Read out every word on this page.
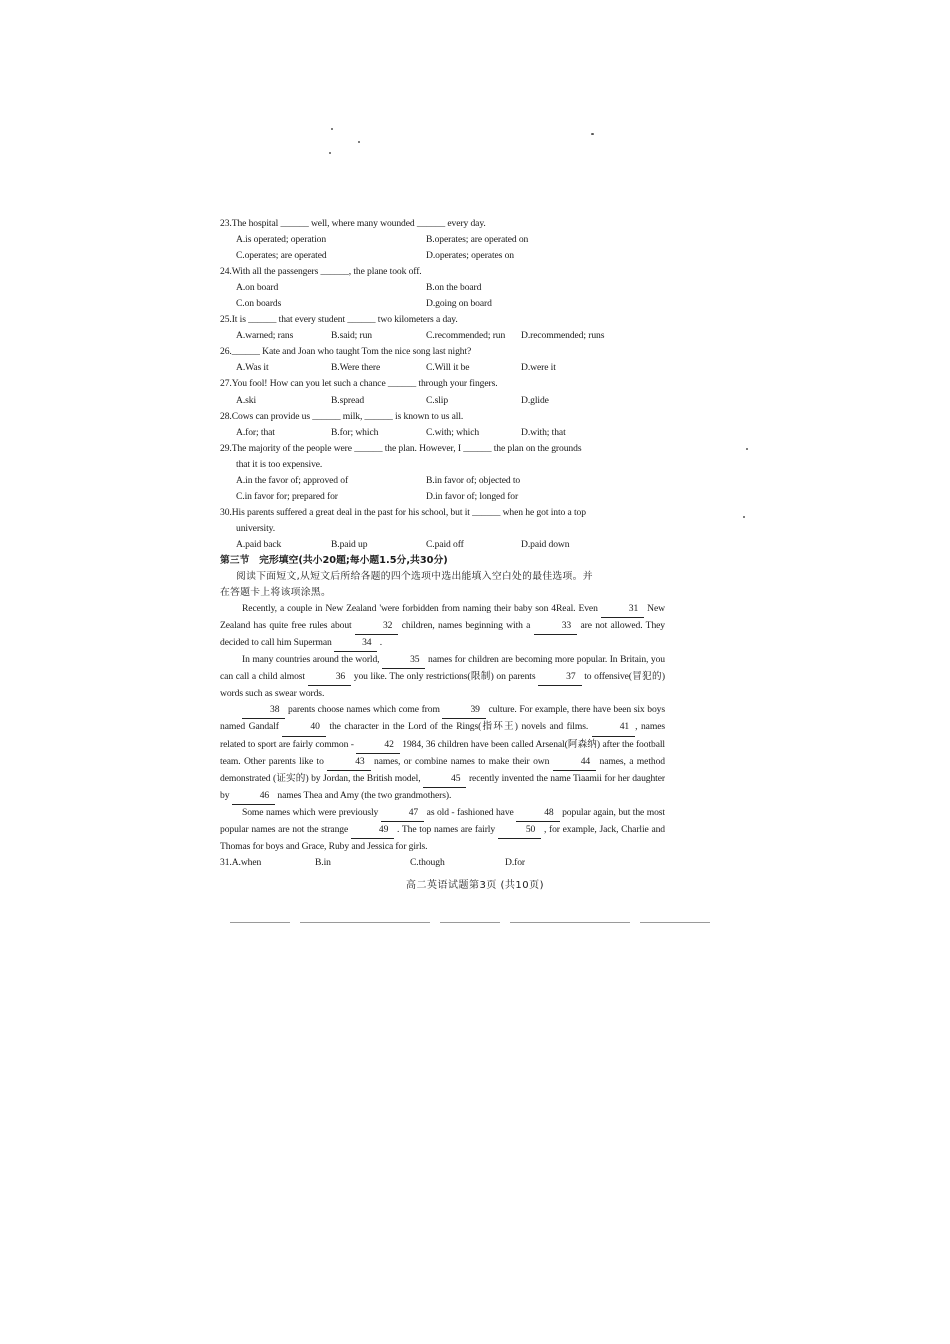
23.The hospital ______ well, where many wounded ______ every day.
A.is operated; operation	B.operates; are operated on
C.operates; are operated	D.operates; operates on
24.With all the passengers ______, the plane took off.
A.on board	B.on the board
C.on boards	D.going on board
25.It is ______ that every student ______ two kilometers a day.
A.warned; rans	B.said; run	C.recommended; run	D.recommended; runs
26.______ Kate and Joan who taught Tom the nice song last night?
A.Was it	B.Were there	C.Will it be	D.were it
27.You fool! How can you let such a chance ______ through your fingers.
A.ski	B.spread	C.slip	D.glide
28.Cows can provide us ______ milk, ______ is known to us all.
A.for; that	B.for; which	C.with; which	D.with; that
29.The majority of the people were ______ the plan. However, I ______ the plan on the grounds
that it is too expensive.
A.in the favor of; approved of	B.in favor of; objected to
C.in favor for; prepared for	D.in favor of; longed for
30.His parents suffered a great deal in the past for his school, but it ______ when he got into a top
university.
A.paid back	B.paid up	C.paid off	D.paid down
第三节　完形填空(共小20题;每小题1.5分,共30分)
阅读下面短文,从短文后所给各题的四个选项中选出能填入空白处的最佳选项。并
在答题卡上将该项涂黑。

Recently, a couple in New Zealand 'were forbidden from naming their baby son 4Real. Even	31 New Zealand has quite free rules about	32 children, names beginning with a	33 are not allowed. They decided to call him Superman	34 .

In many countries around the world,	35 names for children are becoming more popular. In Britain, you can call a child almost	36 you like. The only restrictions(限制) on parents	37 to offensive(冒犯的) words such as swear words.

38 parents choose names which come from	39 culture. For example, there have been six boys named Gandalf	40 the character in the Lord of the Rings(指环王) novels and films.	41 , names related to sport are fairly common -	42 1984, 36 children have been called Arsenal(阿森纳) after the football team. Other parents like to	43 names, or combine names to make their own	44 names, a method demonstrated (证实的) by Jordan, the British model,	45 recently invented the name Tiaamii for her daughter by	46 names Thea and Amy (the two grandmothers).

Some names which were previously	47 as old - fashioned have	48 popular again, but the most popular names are not the strange	49 . The top names are fairly	50 , for example, Jack, Charlie and Thomas for boys and Grace, Ruby and Jessica for girls.

31.A.when	B.in	C.though	D.for
高二英语试题第3页 (共10页)
